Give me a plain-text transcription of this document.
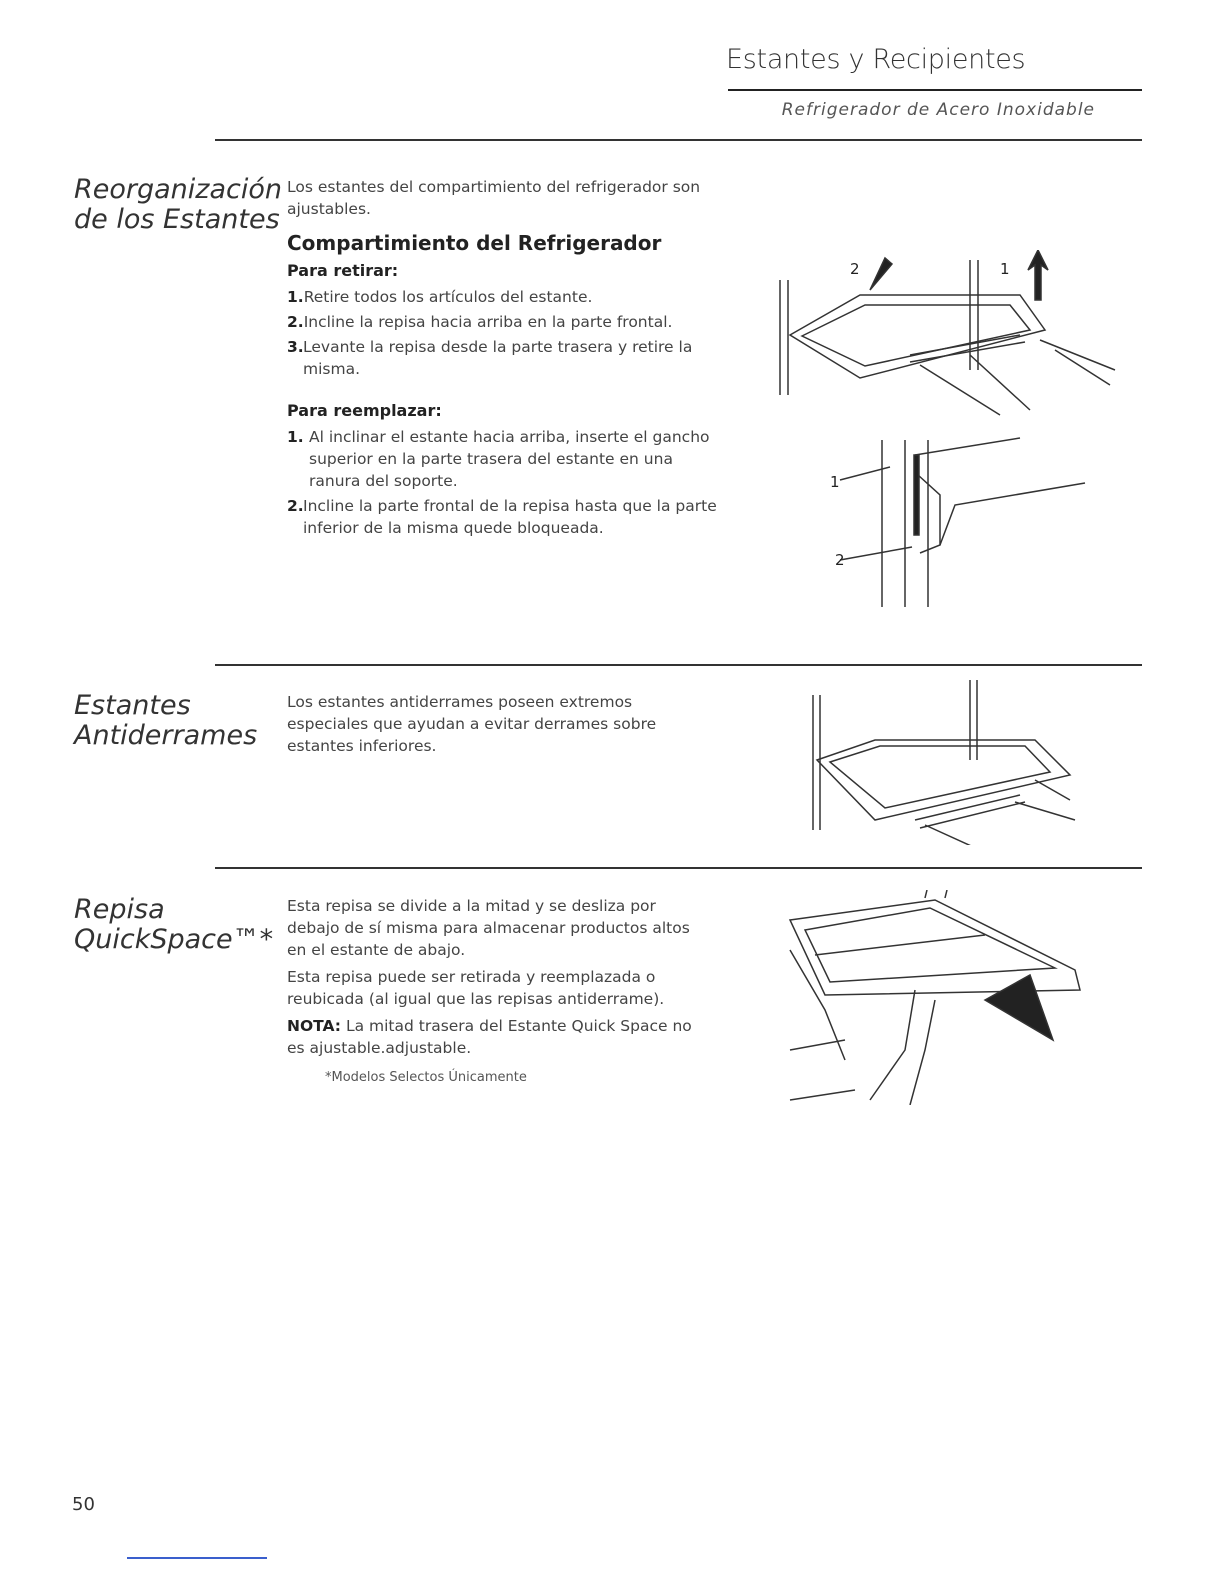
Estantes y Recipientes
Refrigerador de Acero Inoxidable
Reorganización
de los Estantes

Los estantes del compartimiento del refrigerador son ajustables.

Compartimiento del Refrigerador

Para retirar:

1. Retire todos los artículos del estante.
2. Incline la repisa hacia arriba en la parte frontal.
3. Levante la repisa desde la parte trasera y retire la misma.

Para reemplazar:

1. Al inclinar el estante hacia arriba, inserte el gancho superior en la parte trasera del estante en una ranura del soporte.
2. Incline la parte frontal de la repisa hasta que la parte inferior de la misma quede bloqueada.
2	1
1
2
Estantes
Antiderrames

Los estantes antiderrames poseen extremos especiales que ayudan a evitar derrames sobre estantes inferiores.

Repisa
QuickSpace™*

Esta repisa se divide a la mitad y se desliza por debajo de sí misma para almacenar productos altos en el estante de abajo.

Esta repisa puede ser retirada y reemplazada o reubicada (al igual que las repisas antiderrame).

NOTA: La mitad trasera del Estante Quick Space no es ajustable.adjustable.

*Modelos Selectos Únicamente

50
